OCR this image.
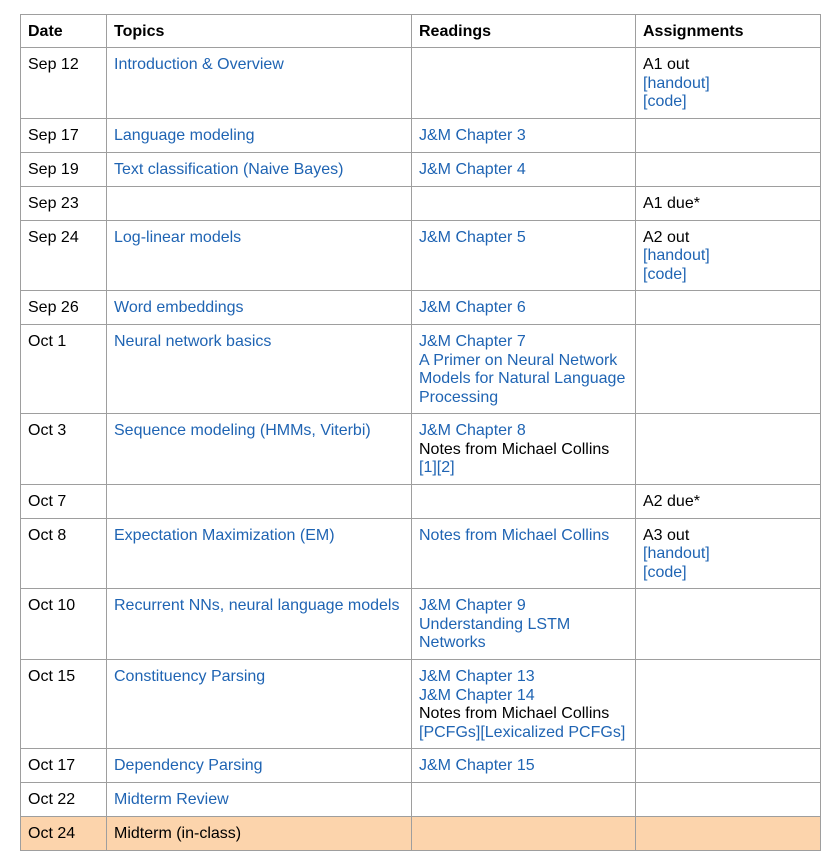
Date	Topics	Readings	Assignments
Sep 12	Introduction & Overview		A1 out
[handout]
[code]

Sep 17	Language modeling	J&M Chapter 3	

Sep 19	Text classification (Naive Bayes)	J&M Chapter 4	

Sep 23			A1 due*

Sep 24	Log-linear models	J&M Chapter 5	A2 out
[handout]
[code]

Sep 26	Word embeddings	J&M Chapter 6	

Oct 1	Neural network basics	J&M Chapter 7
A Primer on Neural Network Models for Natural Language Processing	

Oct 3	Sequence modeling (HMMs, Viterbi)	J&M Chapter 8
Notes from Michael Collins
[1][2]	

Oct 7			A2 due*

Oct 8	Expectation Maximization (EM)	Notes from Michael Collins	A3 out
[handout]
[code]

Oct 10	Recurrent NNs, neural language models	J&M Chapter 9
Understanding LSTM Networks	

Oct 15	Constituency Parsing	J&M Chapter 13
J&M Chapter 14
Notes from Michael Collins
[PCFGs][Lexicalized PCFGs]	

Oct 17	Dependency Parsing	J&M Chapter 15	

Oct 22	Midterm Review		
Oct 24	Midterm (in-class)		
